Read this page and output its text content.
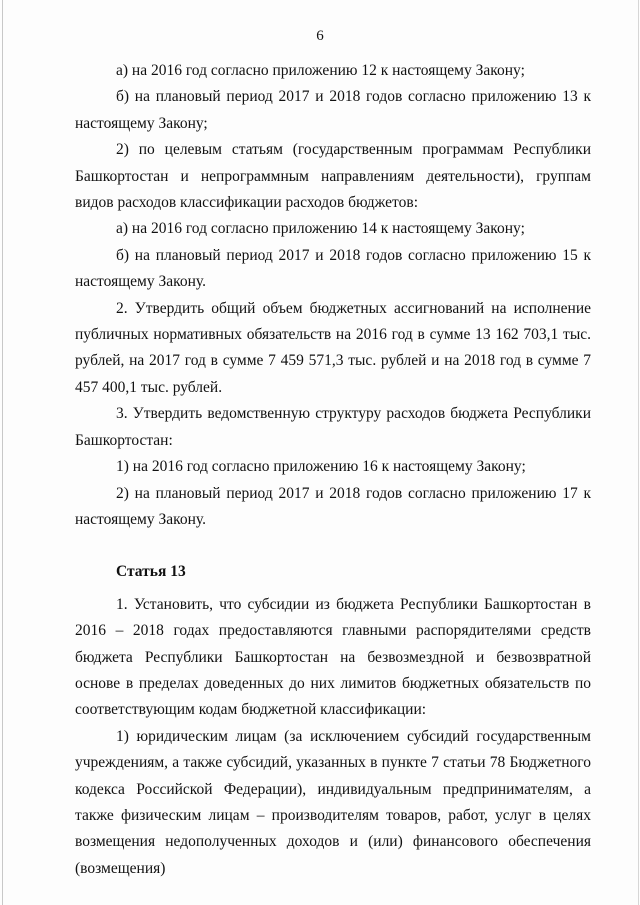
6

а) на 2016 год согласно приложению 12 к настоящему Закону;

б) на плановый период 2017 и 2018 годов согласно приложению 13 к настоящему Закону;

2) по целевым статьям (государственным программам Республики Башкортостан и непрограммным направлениям деятельности), группам видов расходов классификации расходов бюджетов:

а) на 2016 год согласно приложению 14 к настоящему Закону;

б) на плановый период 2017 и 2018 годов согласно приложению 15 к настоящему Закону.

2. Утвердить общий объем бюджетных ассигнований на исполнение публичных нормативных обязательств на 2016 год в сумме 13 162 703,1 тыс. рублей, на 2017 год в сумме 7 459 571,3 тыс. рублей и на 2018 год в сумме 7 457 400,1 тыс. рублей.

3. Утвердить ведомственную структуру расходов бюджета Республики Башкортостан:

1) на 2016 год согласно приложению 16 к настоящему Закону;

2) на плановый период 2017 и 2018 годов согласно приложению 17 к настоящему Закону.

Статья 13

1. Установить, что субсидии из бюджета Республики Башкортостан в 2016 – 2018 годах предоставляются главными распорядителями средств бюджета Республики Башкортостан на безвозмездной и безвозвратной основе в пределах доведенных до них лимитов бюджетных обязательств по соответствующим кодам бюджетной классификации:

1) юридическим лицам (за исключением субсидий государственным учреждениям, а также субсидий, указанных в пункте 7 статьи 78 Бюджетного кодекса Российской Федерации), индивидуальным предпринимателям, а также физическим лицам – производителям товаров, работ, услуг в целях возмещения недополученных доходов и (или) финансового обеспечения (возмещения)
